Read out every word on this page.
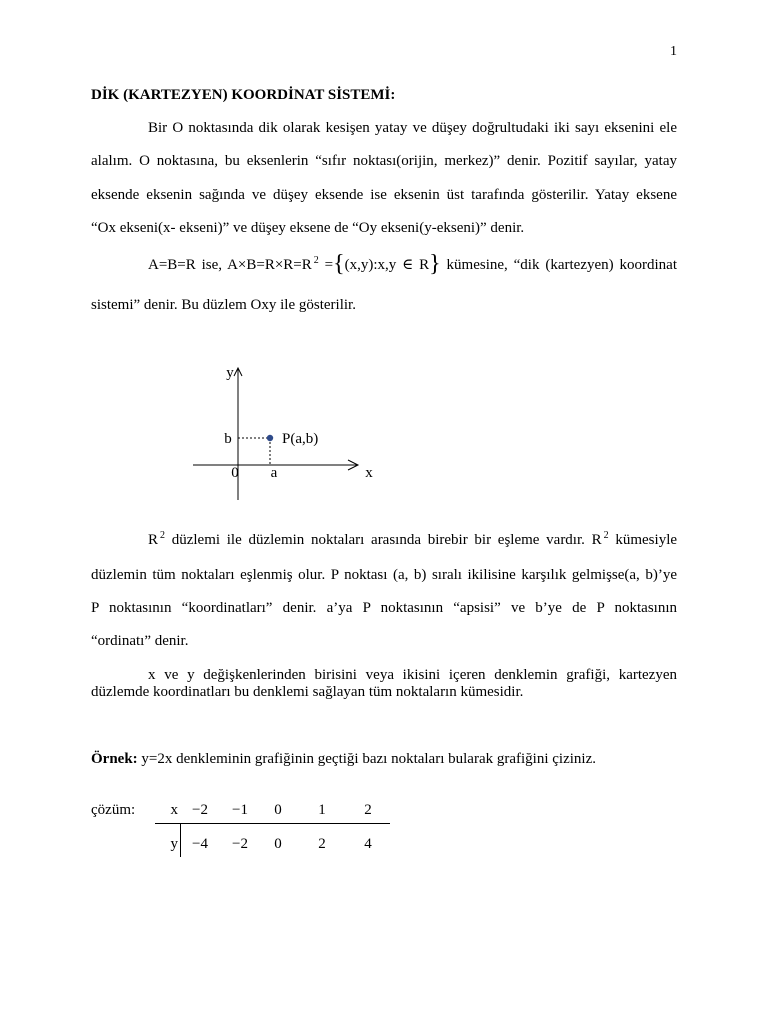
1
DİK (KARTEZYEN) KOORDİNAT SİSTEMİ:
Bir O noktasında dik olarak kesişen yatay ve düşey doğrultudaki iki sayı eksenini ele
alalım. O noktasına, bu eksenlerin “sıfır noktası(orijin, merkez)” denir. Pozitif sayılar, yatay
eksende eksenin sağında ve düşey eksende ise eksenin üst tarafında gösterilir. Yatay eksene
“Ox ekseni(x- ekseni)” ve düşey eksene de “Oy ekseni(y-ekseni)” denir.
A=B=R ise, A×B=R×R=R $^2$ ={(x,y):x,y ∈ R} kümesine, “dik (kartezyen) koordinat
sistemi” denir. Bu düzlem Oxy ile gösterilir.
y
x
P(a,b)
b
0 a
R $^2$ düzlemi ile düzlemin noktaları arasında birebir bir eşleme vardır. R $^2$ kümesiyle
düzlemin tüm noktaları eşlenmiş olur. P noktası (a, b) sıralı ikilisine karşılık gelmişse(a, b)’ye
P noktasının “koordinatları” denir. a’ya P noktasının “apsisi” ve b’ye de P noktasının
“ordinatı” denir.
x ve y değişkenlerinden birisini veya ikisini içeren denklemin grafiği, kartezyen
düzlemde koordinatları bu denklemi sağlayan tüm noktaların kümesidir.
Örnek: y=2x denkleminin grafiğinin geçtiği bazı noktaları bularak grafiğini çiziniz.
çözüm:	x −2	−1	0	1	2
y −4	−2	0	2	4
